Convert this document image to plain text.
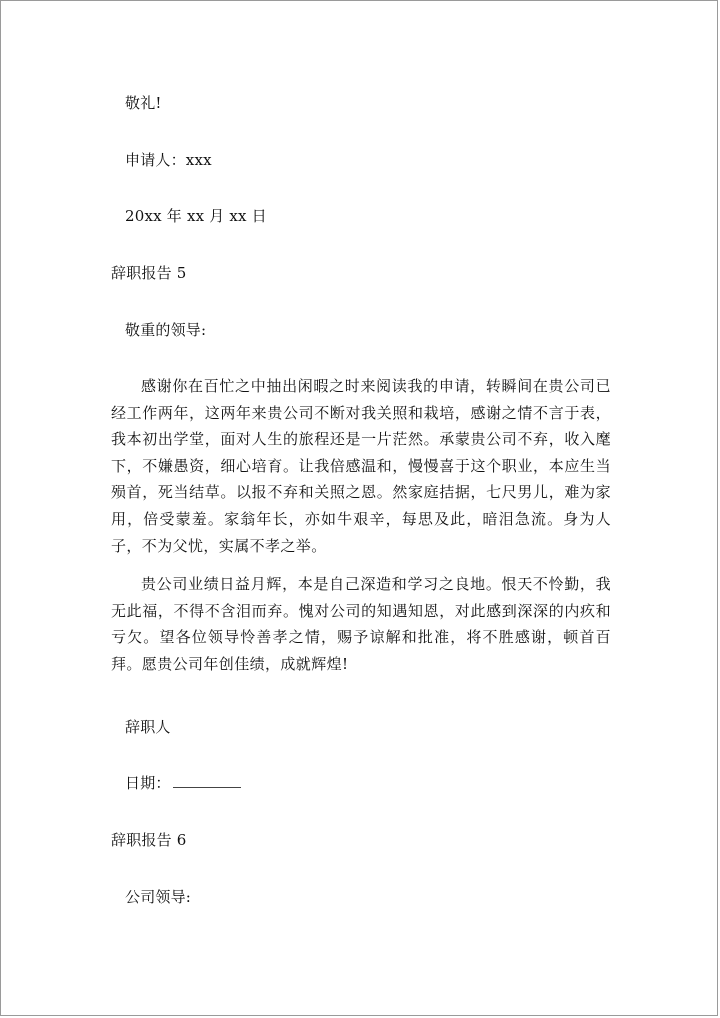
敬礼!
申请人：xxx
20xx 年 xx 月 xx 日
辞职报告 5
敬重的领导:

感谢你在百忙之中抽出闲暇之时来阅读我的申请，转瞬间在贵公司已经工作两年，这两年来贵公司不断对我关照和栽培，感谢之情不言于表，我本初出学堂，面对人生的旅程还是一片茫然。承蒙贵公司不弃，收入麾下，不嫌愚资，细心培育。让我倍感温和，慢慢喜于这个职业，本应生当殒首，死当结草。以报不弃和关照之恩。然家庭拮据，七尺男儿，难为家用，倍受蒙羞。家翁年长，亦如牛艰辛，每思及此，暗泪急流。身为人子，不为父忧，实属不孝之举。

贵公司业绩日益月辉，本是自己深造和学习之良地。恨天不怜勤，我无此福，不得不含泪而弃。愧对公司的知遇知恩，对此感到深深的内疚和亏欠。望各位领导怜善孝之情，赐予谅解和批准，将不胜感谢，顿首百拜。愿贵公司年创佳绩，成就辉煌!

辞职人
日期：
辞职报告 6
公司领导:
